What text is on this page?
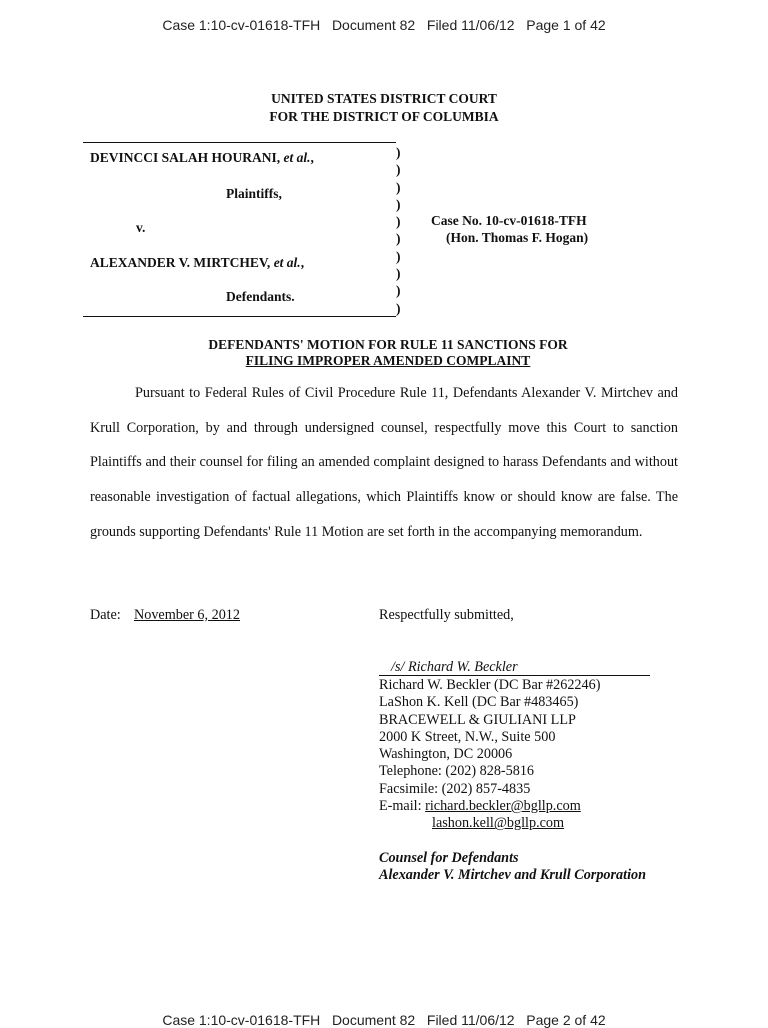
Case 1:10-cv-01618-TFH   Document 82   Filed 11/06/12   Page 1 of 42
UNITED STATES DISTRICT COURT
FOR THE DISTRICT OF COLUMBIA
DEVINCCI SALAH HOURANI, et al.,
Plaintiffs,
v.
ALEXANDER V. MIRTCHEV, et al.,
Defendants.
)
)
)
)
)
)
)
)
)
)
Case No. 10-cv-01618-TFH
(Hon. Thomas F. Hogan)
DEFENDANTS' MOTION FOR RULE 11 SANCTIONS FOR
FILING IMPROPER AMENDED COMPLAINT

Pursuant to Federal Rules of Civil Procedure Rule 11, Defendants Alexander V. Mirtchev and Krull Corporation, by and through undersigned counsel, respectfully move this Court to sanction Plaintiffs and their counsel for filing an amended complaint designed to harass Defendants and without reasonable investigation of factual allegations, which Plaintiffs know or should know are false. The grounds supporting Defendants' Rule 11 Motion are set forth in the accompanying memorandum.

Date: November 6, 2012	Respectfully submitted,
/s/ Richard W. Beckler
Richard W. Beckler (DC Bar #262246)
LaShon K. Kell (DC Bar #483465)
BRACEWELL & GIULIANI LLP
2000 K Street, N.W., Suite 500
Washington, DC 20006
Telephone: (202) 828-5816
Facsimile: (202) 857-4835
E-mail: richard.beckler@bgllp.com
lashon.kell@bgllp.com
Counsel for Defendants
Alexander V. Mirtchev and Krull Corporation
Case 1:10-cv-01618-TFH   Document 82   Filed 11/06/12   Page 2 of 42
